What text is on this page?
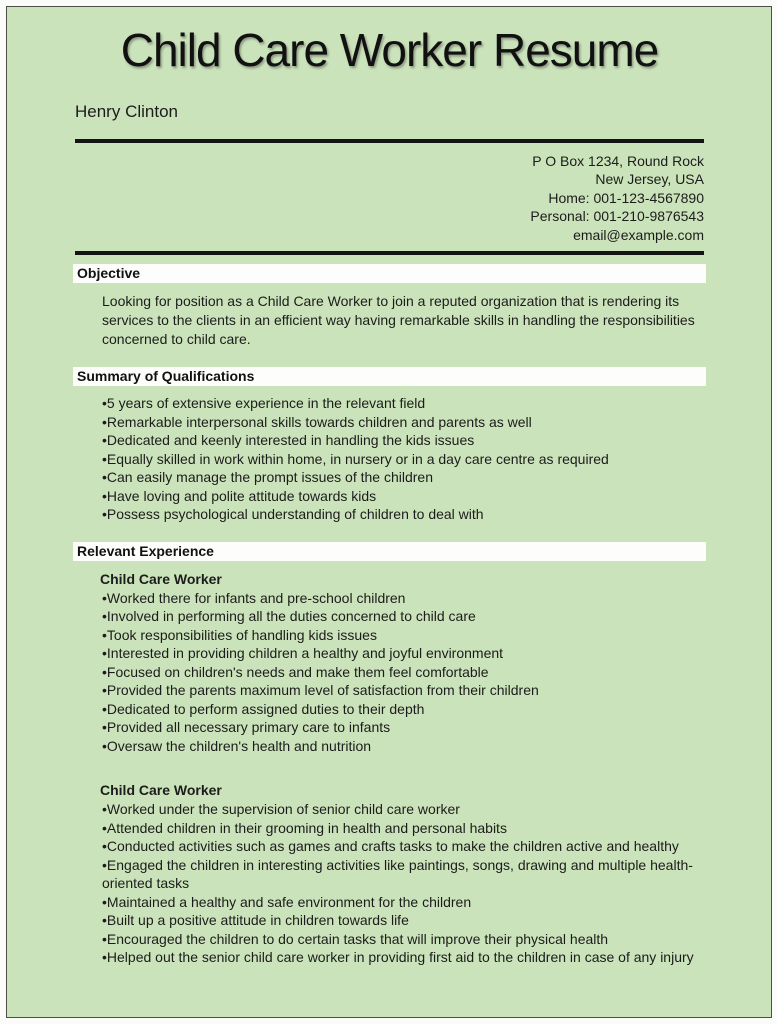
Child Care Worker Resume
Henry Clinton
P O Box 1234, Round Rock
New Jersey, USA
Home: 001-123-4567890
Personal: 001-210-9876543
email@example.com
Objective

Looking for position as a Child Care Worker to join a reputed organization that is rendering its services to the clients in an efficient way having remarkable skills in handling the responsibilities concerned to child care.

Summary of Qualifications
• 5 years of extensive experience in the relevant field
• Remarkable interpersonal skills towards children and parents as well
• Dedicated and keenly interested in handling the kids issues
• Equally skilled in work within home, in nursery or in a day care centre as required
• Can easily manage the prompt issues of the children
• Have loving and polite attitude towards kids
• Possess psychological understanding of children to deal with
Relevant Experience
Child Care Worker
• Worked there for infants and pre-school children
• Involved in performing all the duties concerned to child care
• Took responsibilities of handling kids issues
• Interested in providing children a healthy and joyful environment
• Focused on children's needs and make them feel comfortable
• Provided the parents maximum level of satisfaction from their children
• Dedicated to perform assigned duties to their depth
• Provided all necessary primary care to infants
• Oversaw the children's health and nutrition
Child Care Worker
• Worked under the supervision of senior child care worker
• Attended children in their grooming in health and personal habits
• Conducted activities such as games and crafts tasks to make the children active and healthy
• Engaged the children in interesting activities like paintings, songs, drawing and multiple health-oriented tasks
• Maintained a healthy and safe environment for the children
• Built up a positive attitude in children towards life
• Encouraged the children to do certain tasks that will improve their physical health
• Helped out the senior child care worker in providing first aid to the children in case of any injury
